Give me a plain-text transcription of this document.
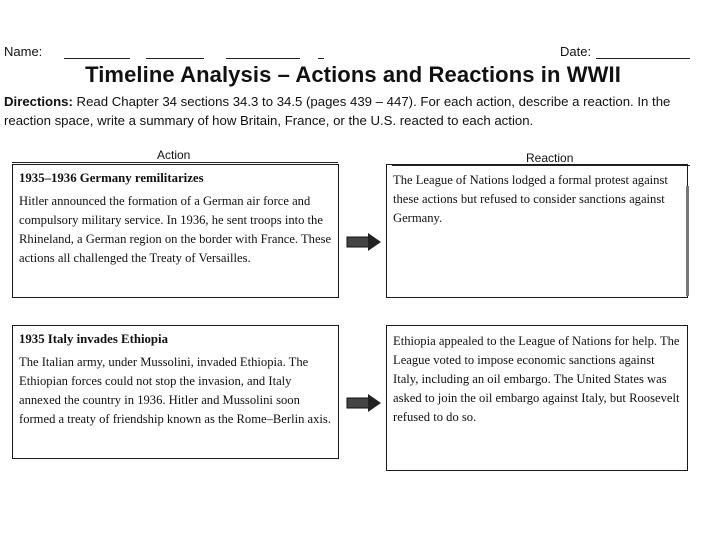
Name:	Date:
Timeline Analysis – Actions and Reactions in WWII
Directions: Read Chapter 34 sections 34.3 to 34.5 (pages 439 – 447). For each action, describe a reaction. In the reaction space, write a summary of how Britain, France, or the U.S. reacted to each action.
Action	Reaction
1935–1936 Germany remilitarizes
Hitler announced the formation of a German air force and compulsory military service. In 1936, he sent troops into the Rhineland, a German region on the border with France. These actions all challenged the Treaty of Versailles.
The League of Nations lodged a formal protest against these actions but refused to consider sanctions against Germany.
1935 Italy invades Ethiopia
The Italian army, under Mussolini, invaded Ethiopia. The Ethiopian forces could not stop the invasion, and Italy annexed the country in 1936. Hitler and Mussolini soon formed a treaty of friendship known as the Rome–Berlin axis.
Ethiopia appealed to the League of Nations for help. The League voted to impose economic sanctions against Italy, including an oil embargo. The United States was asked to join the oil embargo against Italy, but Roosevelt refused to do so.
